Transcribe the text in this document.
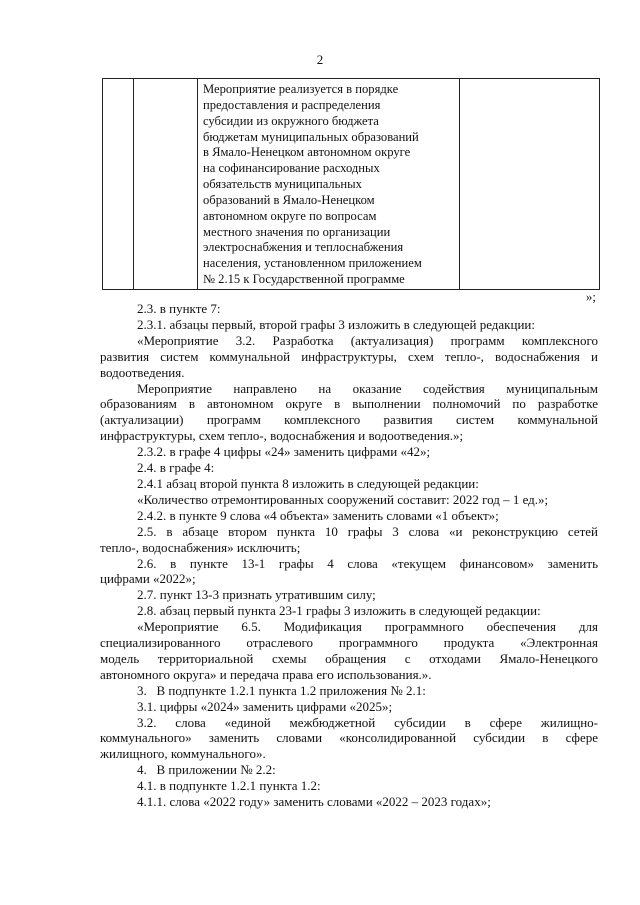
2
Мероприятие реализуется в порядке
предоставления и распределения
субсидии из окружного бюджета
бюджетам муниципальных образований
в Ямало-Ненецком автономном округе
на софинансирование расходных
обязательств муниципальных
образований в Ямало-Ненецком
автономном округе по вопросам
местного значения по организации
электроснабжения и теплоснабжения
населения, установленном приложением
№ 2.15 к Государственной программе
»;

2.3. в пункте 7:

2.3.1. абзацы первый, второй графы 3 изложить в следующей редакции:

«Мероприятие 3.2. Разработка (актуализация) программ комплексного
развития систем коммунальной инфраструктуры, схем тепло-, водоснабжения и
водоотведения.

Мероприятие направлено на оказание содействия муниципальным
образованиям в автономном округе в выполнении полномочий по разработке
(актуализации) программ комплексного развития систем коммунальной
инфраструктуры, схем тепло-, водоснабжения и водоотведения.»;

2.3.2. в графе 4 цифры «24» заменить цифрами «42»;

2.4. в графе 4:

2.4.1 абзац второй пункта 8 изложить в следующей редакции:

«Количество отремонтированных сооружений составит: 2022 год – 1 ед.»;

2.4.2. в пункте 9 слова «4 объекта» заменить словами «1 объект»;

2.5. в абзаце втором пункта 10 графы 3 слова «и реконструкцию сетей
тепло-, водоснабжения» исключить;

2.6. в пункте 13-1 графы 4 слова «текущем финансовом» заменить
цифрами «2022»;

2.7. пункт 13-3 признать утратившим силу;

2.8. абзац первый пункта 23-1 графы 3 изложить в следующей редакции:

«Мероприятие 6.5. Модификация программного обеспечения для
специализированного отраслевого программного продукта «Электронная
модель территориальной схемы обращения с отходами Ямало-Ненецкого
автономного округа» и передача права его использования.».

3.   В подпункте 1.2.1 пункта 1.2 приложения № 2.1:

3.1. цифры «2024» заменить цифрами «2025»;

3.2. слова «единой межбюджетной субсидии в сфере жилищно-
коммунального» заменить словами «консолидированной субсидии в сфере
жилищного, коммунального».

4.   В приложении № 2.2:

4.1. в подпункте 1.2.1 пункта 1.2:

4.1.1. слова «2022 году» заменить словами «2022 – 2023 годах»;
